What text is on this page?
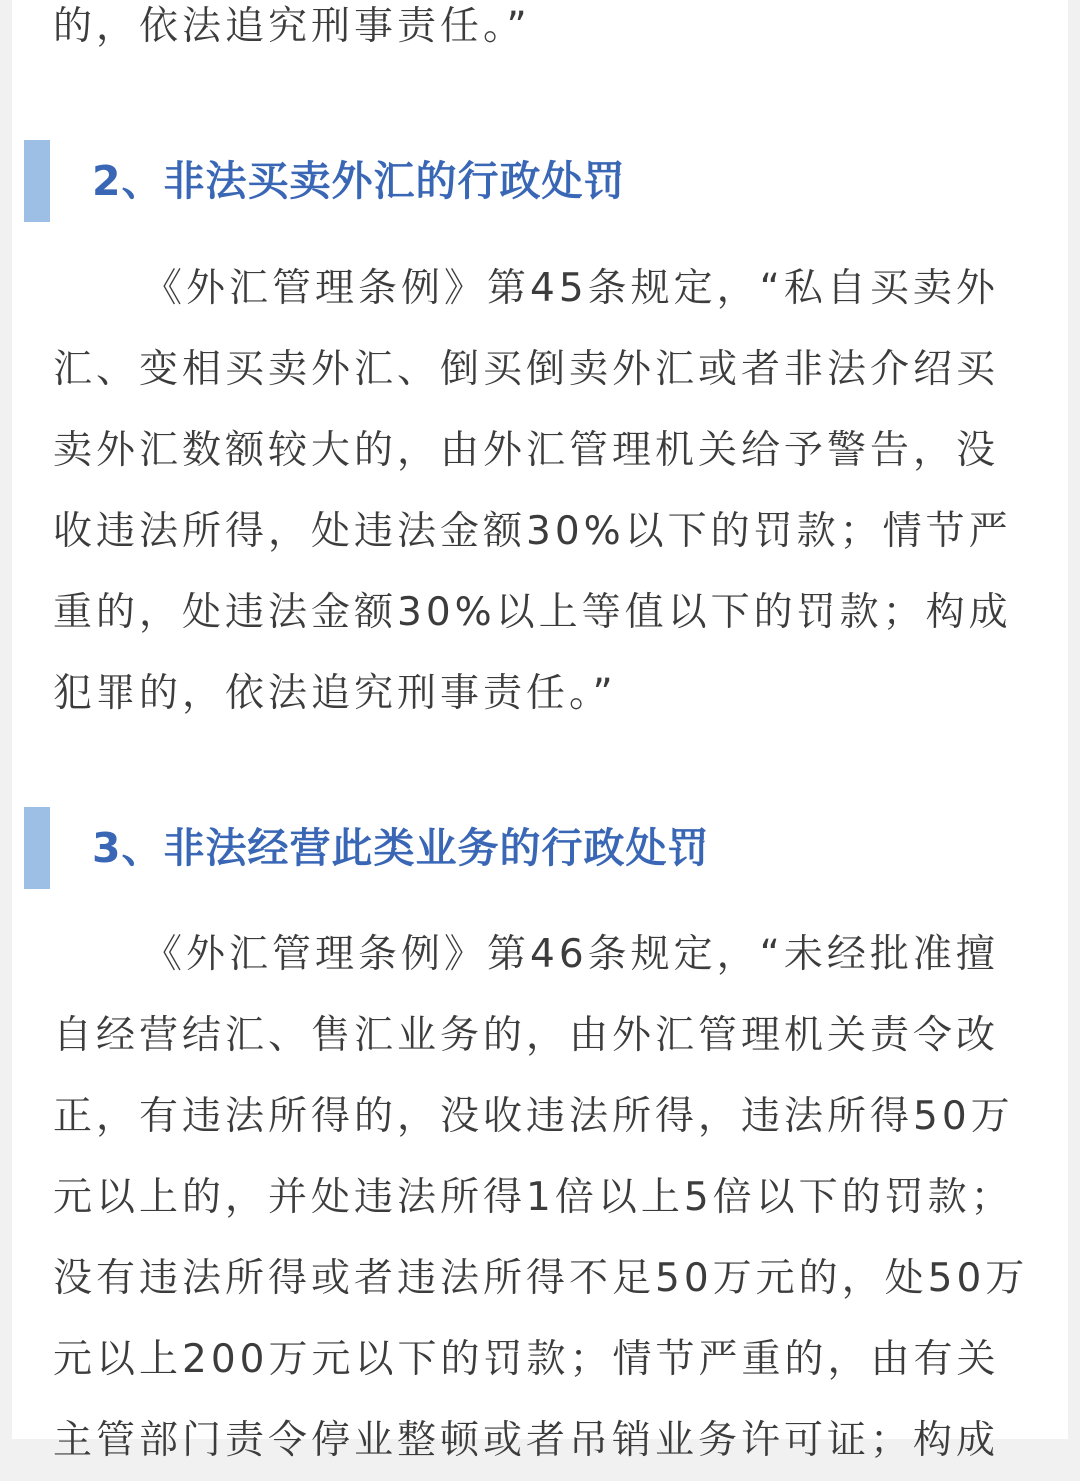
的，依法追究刑事责任。”

2、非法买卖外汇的行政处罚

《外汇管理条例》第45条规定，“私自买卖外
汇、变相买卖外汇、倒买倒卖外汇或者非法介绍买
卖外汇数额较大的，由外汇管理机关给予警告，没
收违法所得，处违法金额30%以下的罚款；情节严
重的，处违法金额30%以上等值以下的罚款；构成
犯罪的，依法追究刑事责任。”

3、非法经营此类业务的行政处罚

《外汇管理条例》第46条规定，“未经批准擅
自经营结汇、售汇业务的，由外汇管理机关责令改
正，有违法所得的，没收违法所得，违法所得50万
元以上的，并处违法所得1倍以上5倍以下的罚款；
没有违法所得或者违法所得不足50万元的，处50万
元以上200万元以下的罚款；情节严重的，由有关
主管部门责令停业整顿或者吊销业务许可证；构成
